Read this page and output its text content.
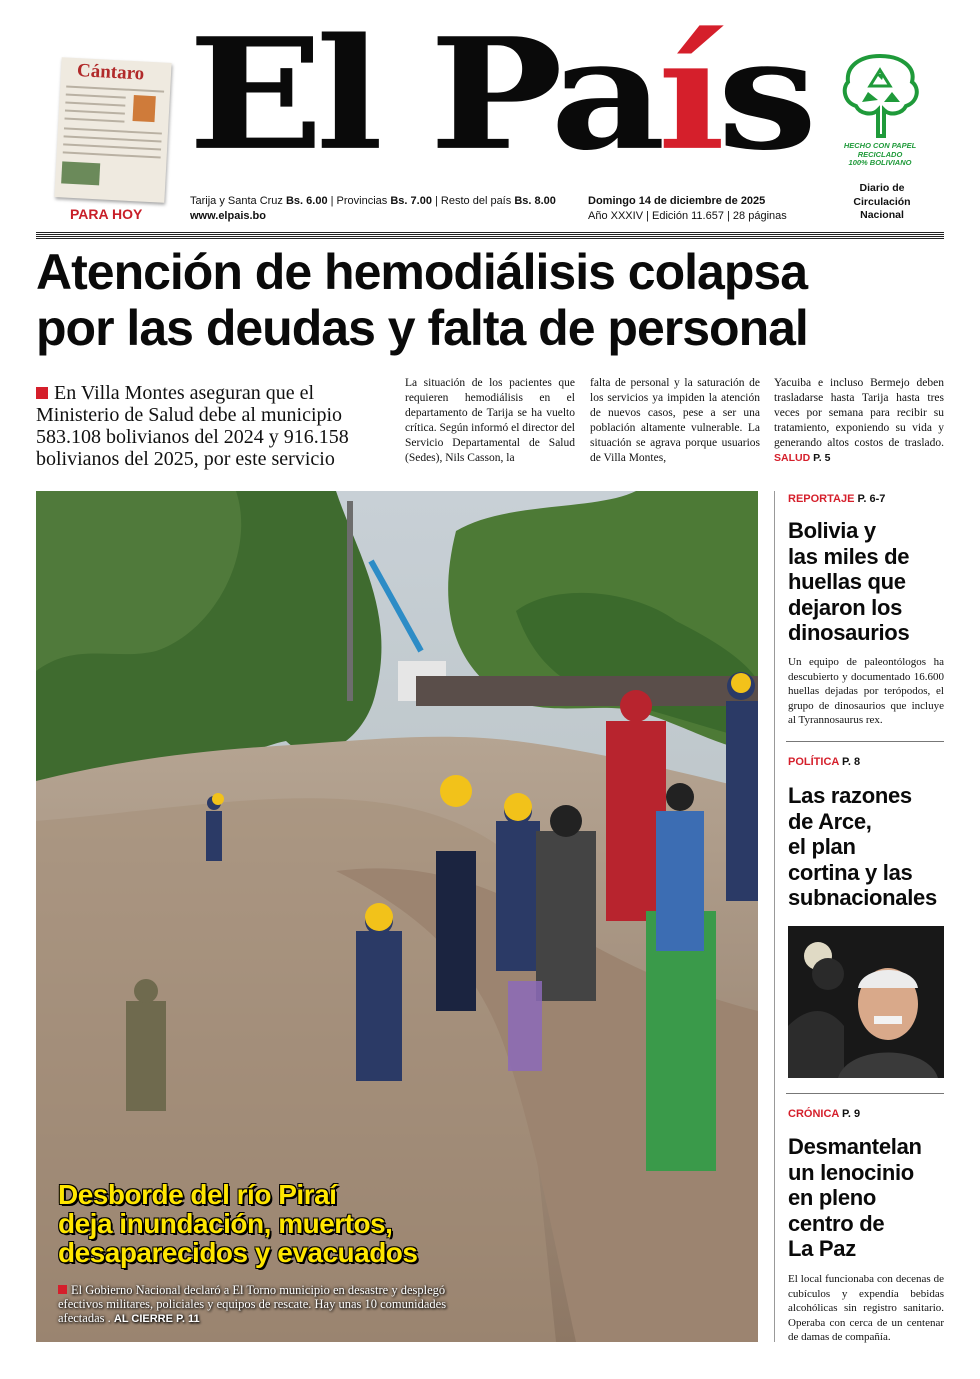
Cántaro
PARA HOY
El País
Tarija y Santa Cruz Bs. 6.00 | Provincias Bs. 7.00 | Resto del país Bs. 8.00
www.elpais.bo
Domingo 14 de diciembre de 2025
Año XXXIV | Edición 11.657 | 28 páginas
HECHO CON PAPEL
RECICLADO
100% BOLIVIANO
Diario de
Circulación
Nacional
Atención de hemodiálisis colapsa
por las deudas y falta de personal
En Villa Montes aseguran que el Ministerio de Salud debe al municipio 583.108 bolivianos del 2024 y 916.158 bolivianos del 2025, por este servicio
La situación de los pacientes que requieren hemodiálisis en el departamento de Tarija se ha vuelto crítica. Según informó el director del Servicio Departamental de Salud (Sedes), Nils Casson, la
falta de personal y la saturación de los servicios ya impiden la atención de nuevos casos, pese a ser una población altamente vulnerable. La situación se agrava porque usuarios de Villa Montes,
Yacuiba e incluso Bermejo deben trasladarse hasta Tarija hasta tres veces por semana para recibir su tratamiento, exponiendo su vida y generando altos costos de traslado. SALUD P. 5
Desborde del río Piraí
deja inundación, muertos,
desaparecidos y evacuados
El Gobierno Nacional declaró a El Torno municipio en desastre y desplegó efectivos militares, policiales y equipos de rescate. Hay unas 10 comunidades afectadas . AL CIERRE P. 11
REPORTAJE P. 6-7
Bolivia y
las miles de
huellas que
dejaron los
dinosaurios
Un equipo de paleontólogos ha descubierto y documentado 16.600 huellas dejadas por terópodos, el grupo de dinosaurios que incluye al Tyrannosaurus rex.
POLÍTICA P. 8
Las razones
de Arce,
el plan
cortina y las
subnacionales
CRÓNICA P. 9
Desmantelan
un lenocinio
en pleno
centro de
La Paz
El local funcionaba con decenas de cubículos y expendía bebidas alcohólicas sin registro sanitario. Operaba con cerca de un centenar de damas de compañía.
